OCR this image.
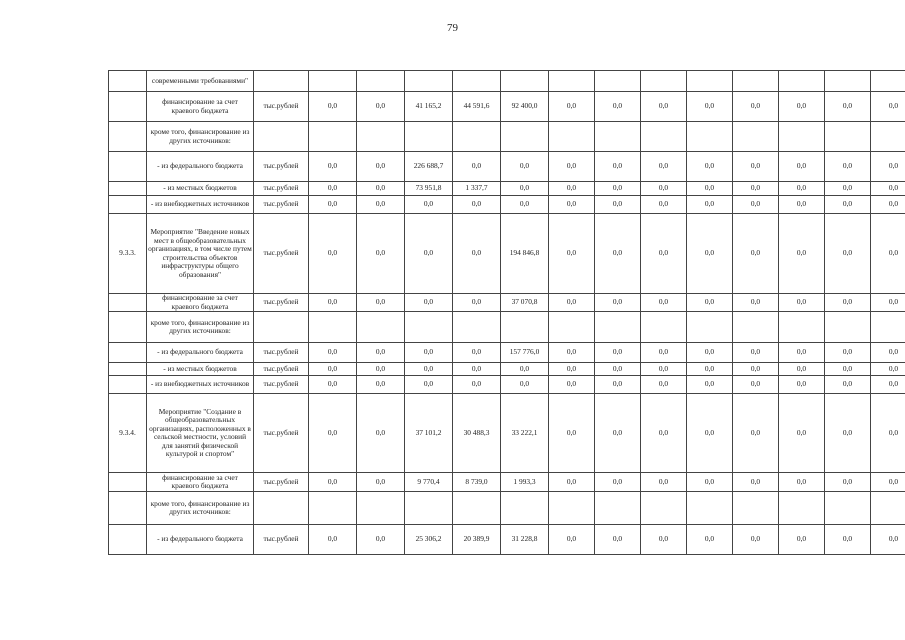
79
	современными требованиями"														
	финансирование за счет краевого бюджета	тыс.рублей	0,0	0,0	41 165,2	44 591,6	92 400,0	0,0	0,0	0,0	0,0	0,0	0,0	0,0	0,0
	кроме того, финансирование из других источников:														
	- из федерального бюджета	тыс.рублей	0,0	0,0	226 688,7	0,0	0,0	0,0	0,0	0,0	0,0	0,0	0,0	0,0	0,0
	- из местных бюджетов	тыс.рублей	0,0	0,0	73 951,8	1 337,7	0,0	0,0	0,0	0,0	0,0	0,0	0,0	0,0	0,0
	- из внебюджетных источников	тыс.рублей	0,0	0,0	0,0	0,0	0,0	0,0	0,0	0,0	0,0	0,0	0,0	0,0	0,0
9.3.3.	Мероприятие "Введение новых мест в общеобразовательных организациях, в том числе путем строительства объектов инфраструктуры общего образования"	тыс.рублей	0,0	0,0	0,0	0,0	194 846,8	0,0	0,0	0,0	0,0	0,0	0,0	0,0	0,0
	финансирование за счет краевого бюджета	тыс.рублей	0,0	0,0	0,0	0,0	37 070,8	0,0	0,0	0,0	0,0	0,0	0,0	0,0	0,0
	кроме того, финансирование из других источников:														
	- из федерального бюджета	тыс.рублей	0,0	0,0	0,0	0,0	157 776,0	0,0	0,0	0,0	0,0	0,0	0,0	0,0	0,0
	- из местных бюджетов	тыс.рублей	0,0	0,0	0,0	0,0	0,0	0,0	0,0	0,0	0,0	0,0	0,0	0,0	0,0
	- из внебюджетных источников	тыс.рублей	0,0	0,0	0,0	0,0	0,0	0,0	0,0	0,0	0,0	0,0	0,0	0,0	0,0
9.3.4.	Мероприятие "Создание в общеобразовательных организациях, расположенных в сельской местности, условий для занятий физической культурой и спортом"	тыс.рублей	0,0	0,0	37 101,2	30 488,3	33 222,1	0,0	0,0	0,0	0,0	0,0	0,0	0,0	0,0
	финансирование за счет краевого бюджета	тыс.рублей	0,0	0,0	9 770,4	8 739,0	1 993,3	0,0	0,0	0,0	0,0	0,0	0,0	0,0	0,0
	кроме того, финансирование из других источников:														
	- из федерального бюджета	тыс.рублей	0,0	0,0	25 306,2	20 389,9	31 228,8	0,0	0,0	0,0	0,0	0,0	0,0	0,0	0,0
